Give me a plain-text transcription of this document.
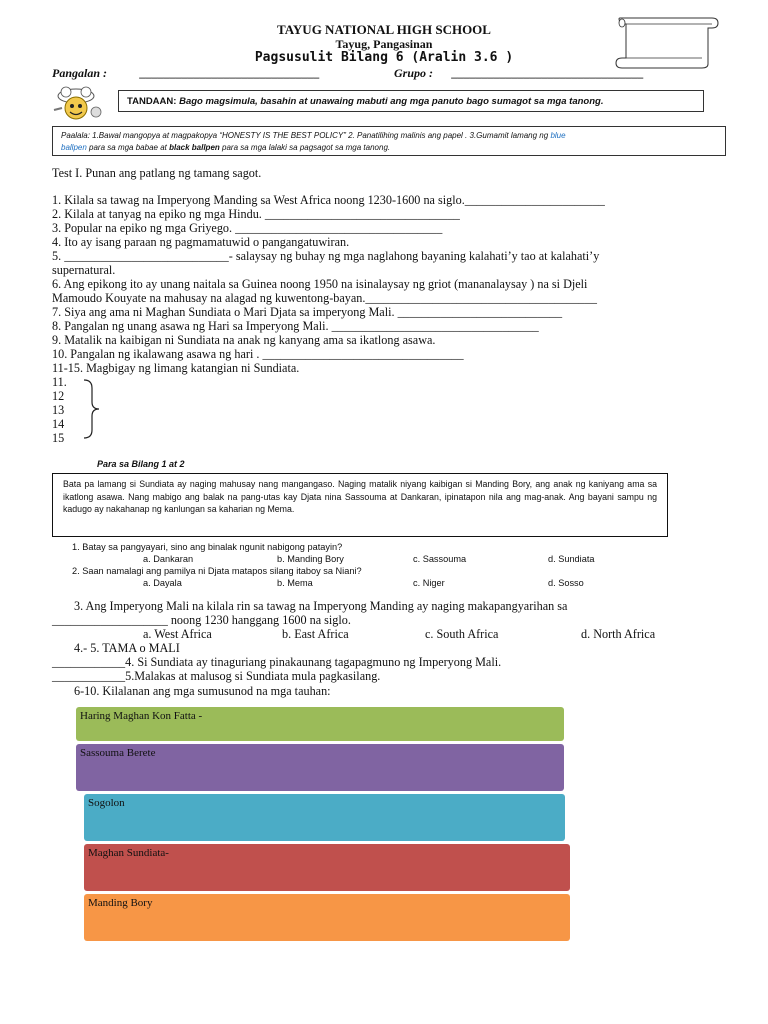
TAYUG NATIONAL HIGH SCHOOL
Tayug, Pangasinan
Pagsusulit Bilang 6 (Aralin 3.6 )
Pangalan :	______________________________	Grupo : ________________________________
TANDAAN: Bago magsimula, basahin at unawaing mabuti ang mga panuto bago sumagot sa mga tanong.
Paalala: 1.Bawal mangopya at magpakopya “HONESTY IS THE BEST POLICY” 2. Panatilihing malinis ang papel . 3.Gumamit lamang ng blue
ballpen para sa mga babae at black ballpen para sa mga lalaki sa pagsagot sa mga tanong.
Test I. Punan ang patlang ng tamang sagot.
1. Kilala sa tawag na Imperyong Manding sa West Africa noong 1230-1600 na siglo._______________________
2. Kilala at tanyag na epiko ng mga Hindu. ________________________________
3. Popular na epiko ng mga Griyego. __________________________________
4. Ito ay isang paraan ng pagmamatuwid o pangangatuwiran.
5. ___________________________- salaysay ng buhay ng mga naglahong bayaning kalahati’y tao at kalahati’y
supernatural.
6. Ang epikong ito ay unang naitala sa Guinea noong 1950 na isinalaysay ng griot (mananalaysay ) na si Djeli
Mamoudo Kouyate na mahusay na alagad ng kuwentong-bayan.______________________________________
7. Siya ang ama ni Maghan Sundiata o Mari Djata sa imperyong Mali. ___________________________
8. Pangalan ng unang asawa ng Hari sa Imperyong Mali. __________________________________
9. Matalik na kaibigan ni Sundiata na anak ng kanyang ama sa ikatlong asawa.
10. Pangalan ng ikalawang asawa ng hari . _________________________________
11-15. Magbigay ng limang katangian ni Sundiata.
11.
12
13
14
15
Para sa Bilang 1 at 2
Bata pa lamang si Sundiata ay naging mahusay nang mangangaso. Naging matalik niyang kaibigan si Manding Bory, ang anak ng kaniyang ama sa ikatlong asawa. Nang mabigo ang balak na pang-utas kay Djata nina Sassouma at Dankaran, ipinatapon nila ang mag-anak. Ang bayani sampu ng kadugo ay nakahanap ng kanlungan sa kaharian ng Mema.
1. Batay sa pangyayari, sino ang binalak ngunit nabigong patayin?
a. Dankaran	b. Manding Bory	c. Sassouma	d. Sundiata
2. Saan namalagi ang pamilya ni Djata matapos silang itaboy sa Niani?
a. Dayala	b. Mema	c. Niger	d. Sosso
3. Ang Imperyong Mali na kilala rin sa tawag na Imperyong Manding ay naging makapangyarihan sa
___________________ noong 1230 hanggang 1600 na siglo.
a. West Africa	b. East Africa	c. South Africa	d. North Africa
4.- 5. TAMA o MALI
____________4. Si Sundiata ay tinaguriang pinakaunang tagapagmuno ng Imperyong Mali.
____________5.Malakas at malusog si Sundiata mula pagkasilang.
6-10. Kilalanan ang mga sumusunod na mga tauhan:
Haring Maghan Kon Fatta -
Sassouma Berete
Sogolon
Maghan Sundiata-
Manding Bory
